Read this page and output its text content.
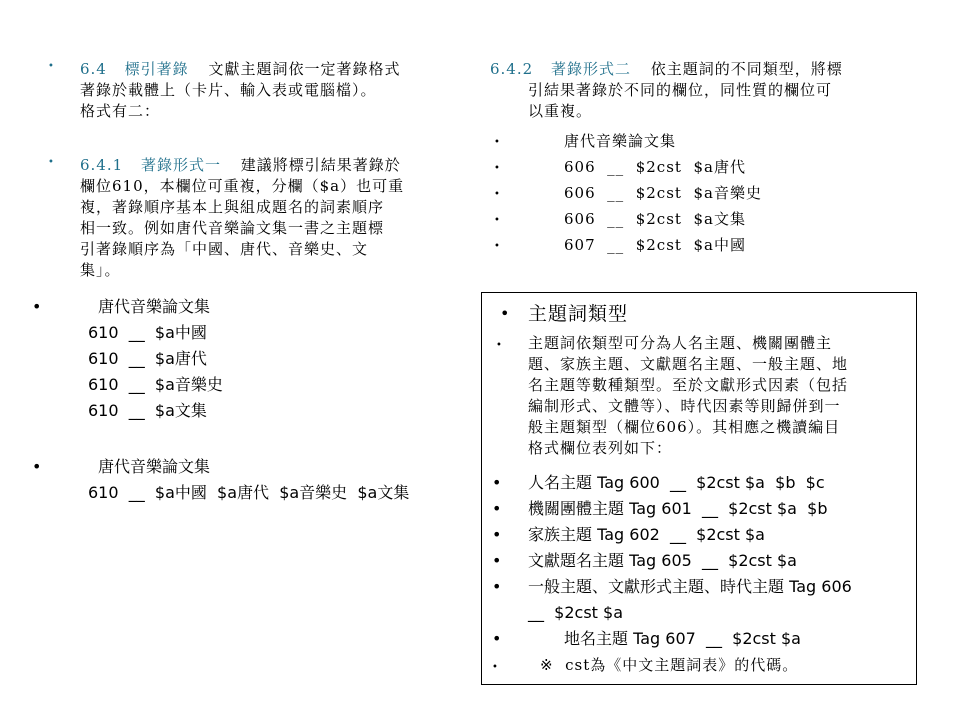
• 6.4 標引著錄 文獻主題詞依一定著錄格式
著錄於載體上（卡片、輸入表或電腦檔）。
格式有二：
• 6.4.1 著錄形式一 建議將標引結果著錄於
欄位610，本欄位可重複，分欄（$a）也可重
複，著錄順序基本上與組成題名的詞素順序
相一致。例如唐代音樂論文集一書之主題標
引著錄順序為「中國、唐代、音樂史、文
集」。
•	唐代音樂論文集
610  __  $a中國
610  __  $a唐代
610  __  $a音樂史
610  __  $a文集
•	唐代音樂論文集
610  __  $a中國  $a唐代  $a音樂史  $a文集
6.4.2 著錄形式二 依主題詞的不同類型，將標
引結果著錄於不同的欄位，同性質的欄位可
以重複。
•	唐代音樂論文集
•	606  __  $2cst  $a唐代
•	606  __  $2cst  $a音樂史
•	606  __  $2cst  $a文集
•	607  __  $2cst  $a中國
• 主題詞類型
• 主題詞依類型可分為人名主題、機關團體主
題、家族主題、文獻題名主題、一般主題、地
名主題等數種類型。至於文獻形式因素（包括
編制形式、文體等）、時代因素等則歸併到一
般主題類型（欄位606）。其相應之機讀編目
格式欄位表列如下：
• 人名主題 Tag 600  __  $2cst $a  $b  $c
• 機關團體主題 Tag 601  __  $2cst $a  $b
• 家族主題 Tag 602  __  $2cst $a
• 文獻題名主題 Tag 605  __  $2cst $a
• 一般主題、文獻形式主題、時代主題 Tag 606
__  $2cst $a
•	地名主題 Tag 607  __  $2cst $a
•	※  cst為《中文主題詞表》的代碼。
